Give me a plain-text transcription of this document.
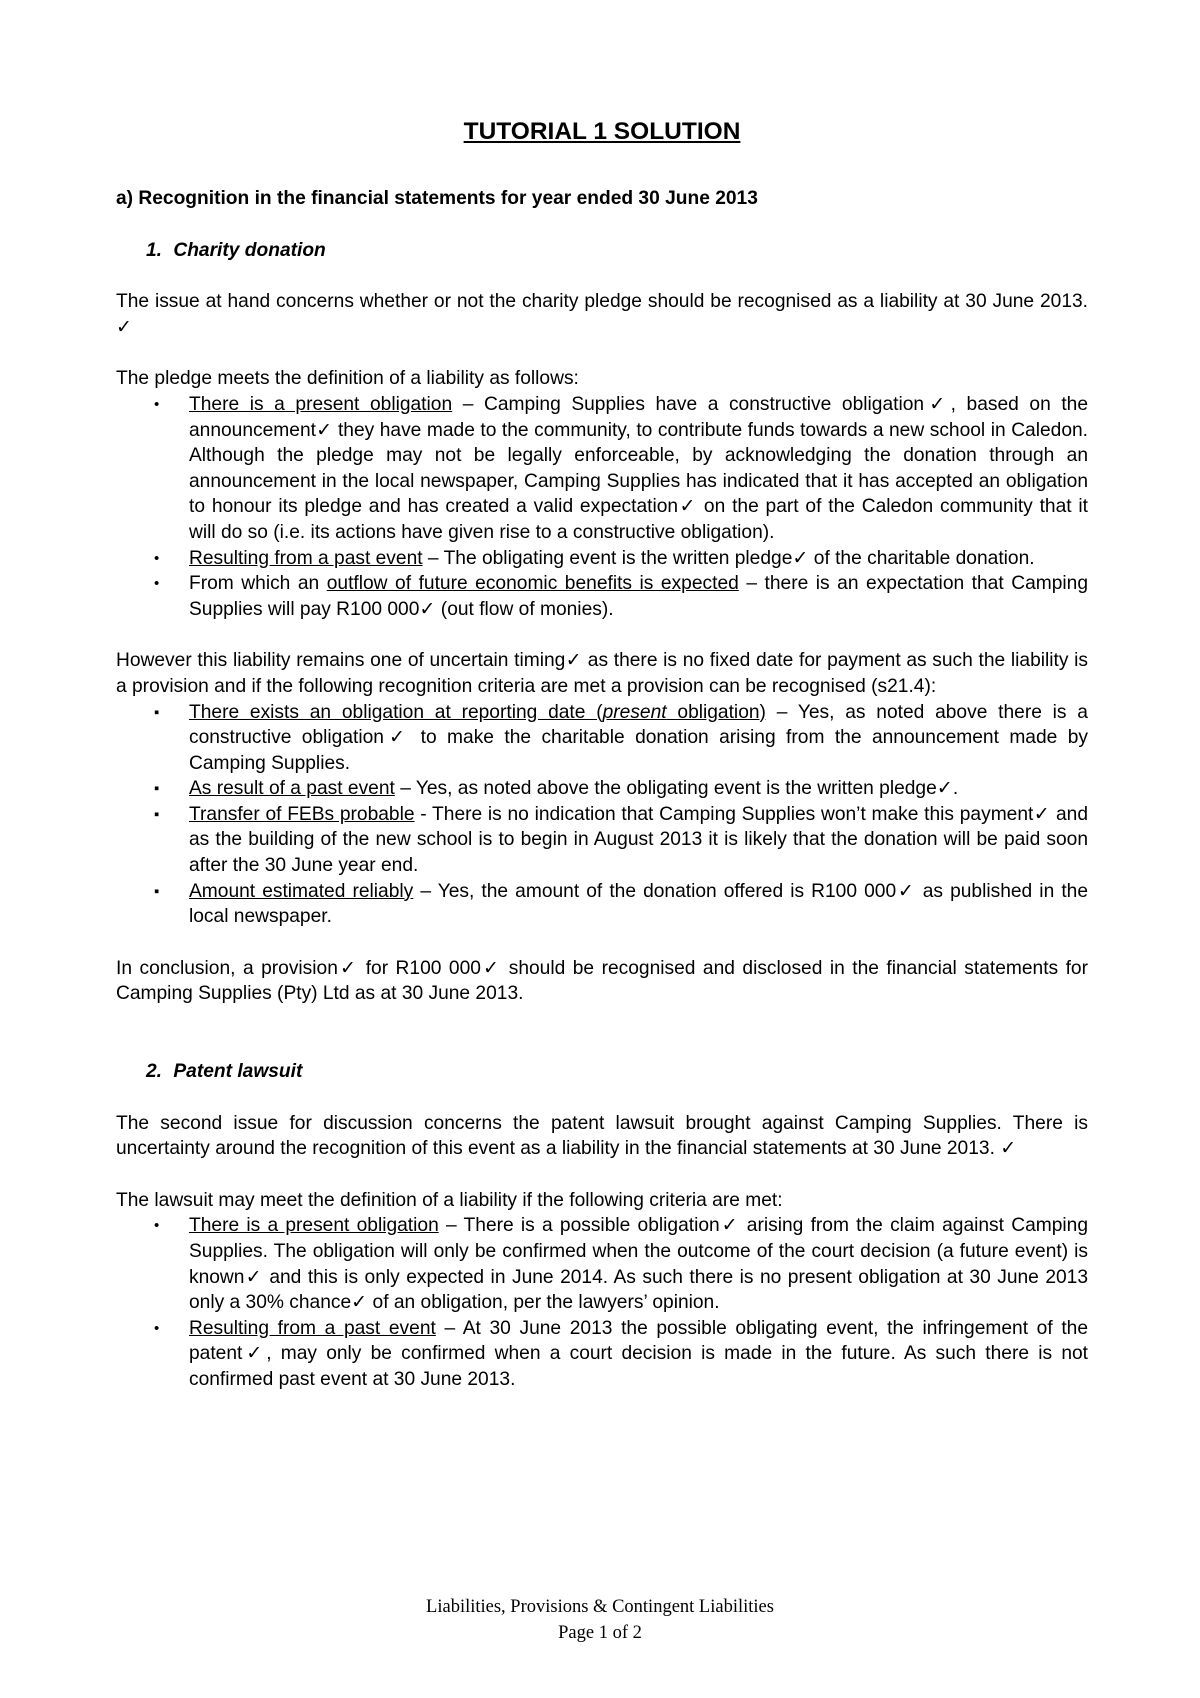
TUTORIAL 1 SOLUTION

a) Recognition in the financial statements for year ended 30 June 2013

1. Charity donation

The issue at hand concerns whether or not the charity pledge should be recognised as a liability at 30 June 2013. ✓

The pledge meets the definition of a liability as follows:

• There is a present obligation – Camping Supplies have a constructive obligation✓, based on the announcement✓ they have made to the community, to contribute funds towards a new school in Caledon. Although the pledge may not be legally enforceable, by acknowledging the donation through an announcement in the local newspaper, Camping Supplies has indicated that it has accepted an obligation to honour its pledge and has created a valid expectation✓ on the part of the Caledon community that it will do so (i.e. its actions have given rise to a constructive obligation).
• Resulting from a past event – The obligating event is the written pledge✓ of the charitable donation.
• From which an outflow of future economic benefits is expected – there is an expectation that Camping Supplies will pay R100 000✓ (out flow of monies).

However this liability remains one of uncertain timing✓ as there is no fixed date for payment as such the liability is a provision and if the following recognition criteria are met a provision can be recognised (s21.4):

▪ There exists an obligation at reporting date (present obligation) – Yes, as noted above there is a constructive obligation✓ to make the charitable donation arising from the announcement made by Camping Supplies.
▪ As result of a past event – Yes, as noted above the obligating event is the written pledge✓.
▪ Transfer of FEBs probable - There is no indication that Camping Supplies won’t make this payment✓ and as the building of the new school is to begin in August 2013 it is likely that the donation will be paid soon after the 30 June year end.
▪ Amount estimated reliably – Yes, the amount of the donation offered is R100 000✓ as published in the local newspaper.

In conclusion, a provision✓ for R100 000✓ should be recognised and disclosed in the financial statements for Camping Supplies (Pty) Ltd as at 30 June 2013.

2. Patent lawsuit

The second issue for discussion concerns the patent lawsuit brought against Camping Supplies. There is uncertainty around the recognition of this event as a liability in the financial statements at 30 June 2013. ✓

The lawsuit may meet the definition of a liability if the following criteria are met:

• There is a present obligation – There is a possible obligation✓ arising from the claim against Camping Supplies. The obligation will only be confirmed when the outcome of the court decision (a future event) is known✓ and this is only expected in June 2014. As such there is no present obligation at 30 June 2013 only a 30% chance✓ of an obligation, per the lawyers’ opinion.
• Resulting from a past event – At 30 June 2013 the possible obligating event, the infringement of the patent✓, may only be confirmed when a court decision is made in the future. As such there is not confirmed past event at 30 June 2013.
Liabilities, Provisions & Contingent Liabilities
Page 1 of 2
